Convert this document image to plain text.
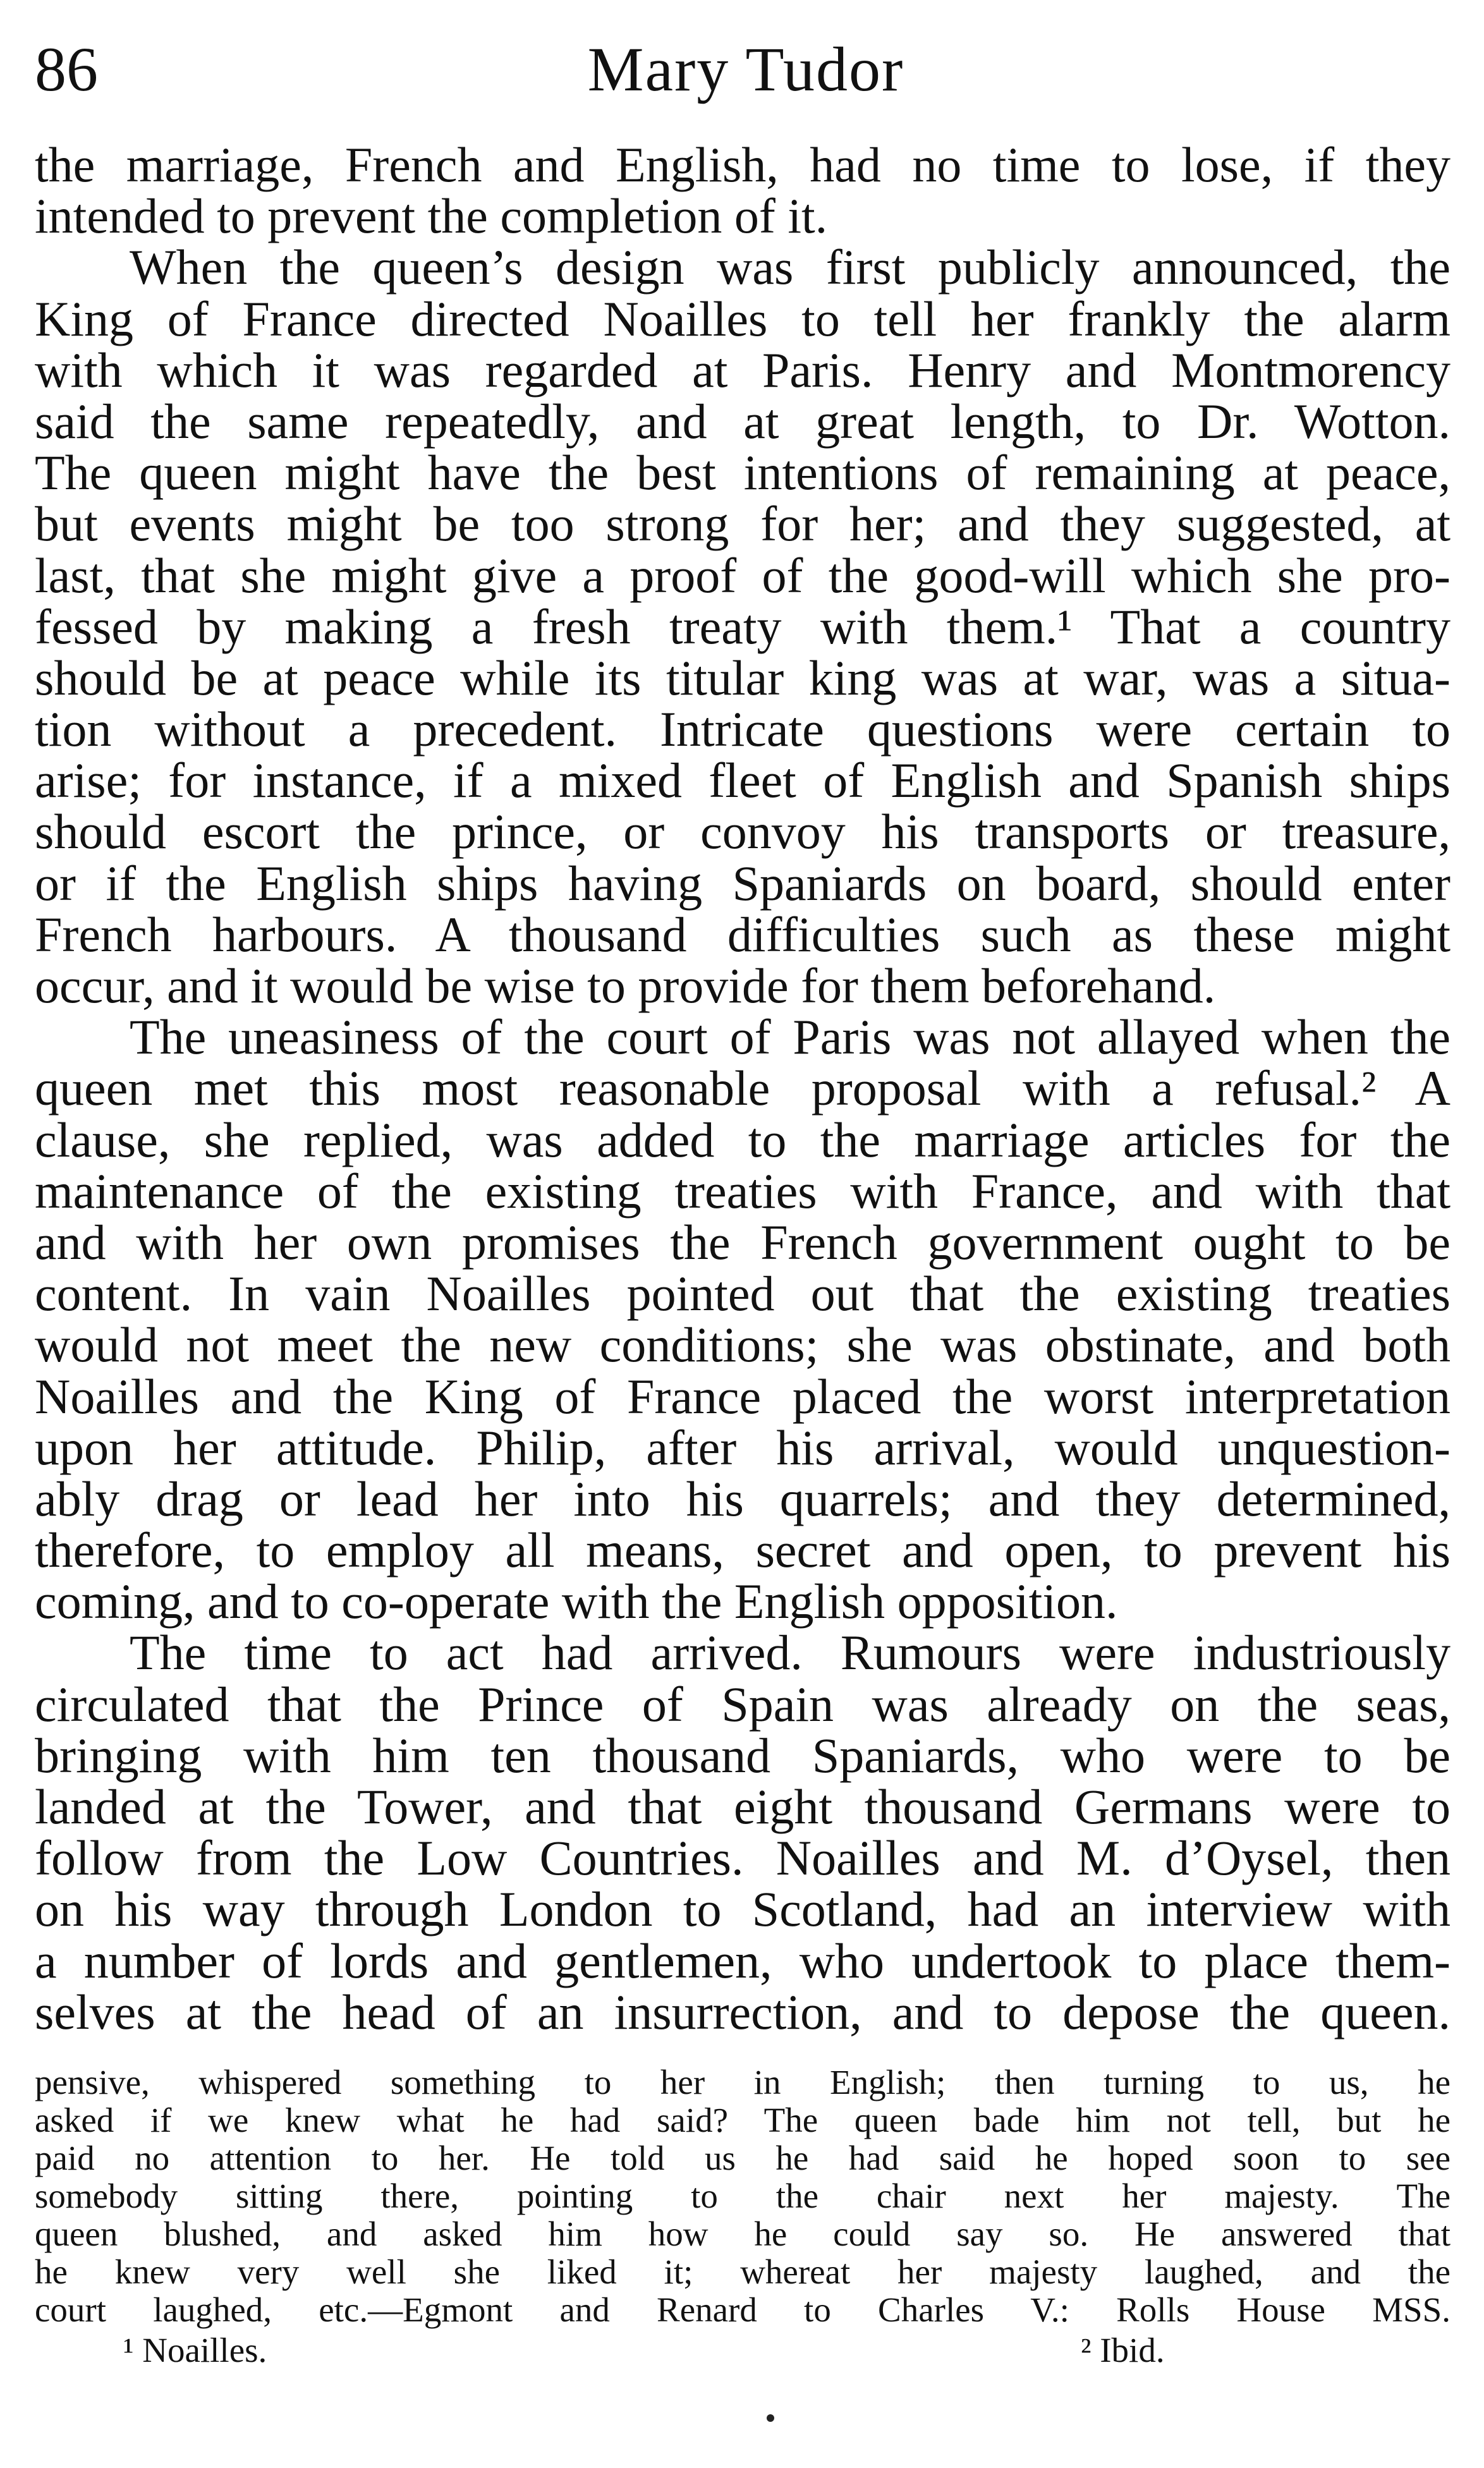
86	Mary Tudor
the marriage, French and English, had no time to lose, if they
intended to prevent the completion of it.
When the queen’s design was first publicly announced, the
King of France directed Noailles to tell her frankly the alarm
with which it was regarded at Paris. Henry and Montmorency
said the same repeatedly, and at great length, to Dr. Wotton.
The queen might have the best intentions of remaining at peace,
but events might be too strong for her; and they suggested, at
last, that she might give a proof of the good-will which she pro-
fessed by making a fresh treaty with them.¹ That a country
should be at peace while its titular king was at war, was a situa-
tion without a precedent. Intricate questions were certain to
arise; for instance, if a mixed fleet of English and Spanish ships
should escort the prince, or convoy his transports or treasure,
or if the English ships having Spaniards on board, should enter
French harbours. A thousand difficulties such as these might
occur, and it would be wise to provide for them beforehand.
The uneasiness of the court of Paris was not allayed when the
queen met this most reasonable proposal with a refusal.² A
clause, she replied, was added to the marriage articles for the
maintenance of the existing treaties with France, and with that
and with her own promises the French government ought to be
content. In vain Noailles pointed out that the existing treaties
would not meet the new conditions; she was obstinate, and both
Noailles and the King of France placed the worst interpretation
upon her attitude. Philip, after his arrival, would unquestion-
ably drag or lead her into his quarrels; and they determined,
therefore, to employ all means, secret and open, to prevent his
coming, and to co-operate with the English opposition.
The time to act had arrived. Rumours were industriously
circulated that the Prince of Spain was already on the seas,
bringing with him ten thousand Spaniards, who were to be
landed at the Tower, and that eight thousand Germans were to
follow from the Low Countries. Noailles and M. d’Oysel, then
on his way through London to Scotland, had an interview with
a number of lords and gentlemen, who undertook to place them-
selves at the head of an insurrection, and to depose the queen.
pensive, whispered something to her in English; then turning to us, he
asked if we knew what he had said? The queen bade him not tell, but he
paid no attention to her. He told us he had said he hoped soon to see
somebody sitting there, pointing to the chair next her majesty. The
queen blushed, and asked him how he could say so. He answered that
he knew very well she liked it; whereat her majesty laughed, and the
court laughed, etc.—Egmont and Renard to Charles V.: Rolls House MSS.
¹ Noailles.	² Ibid.
